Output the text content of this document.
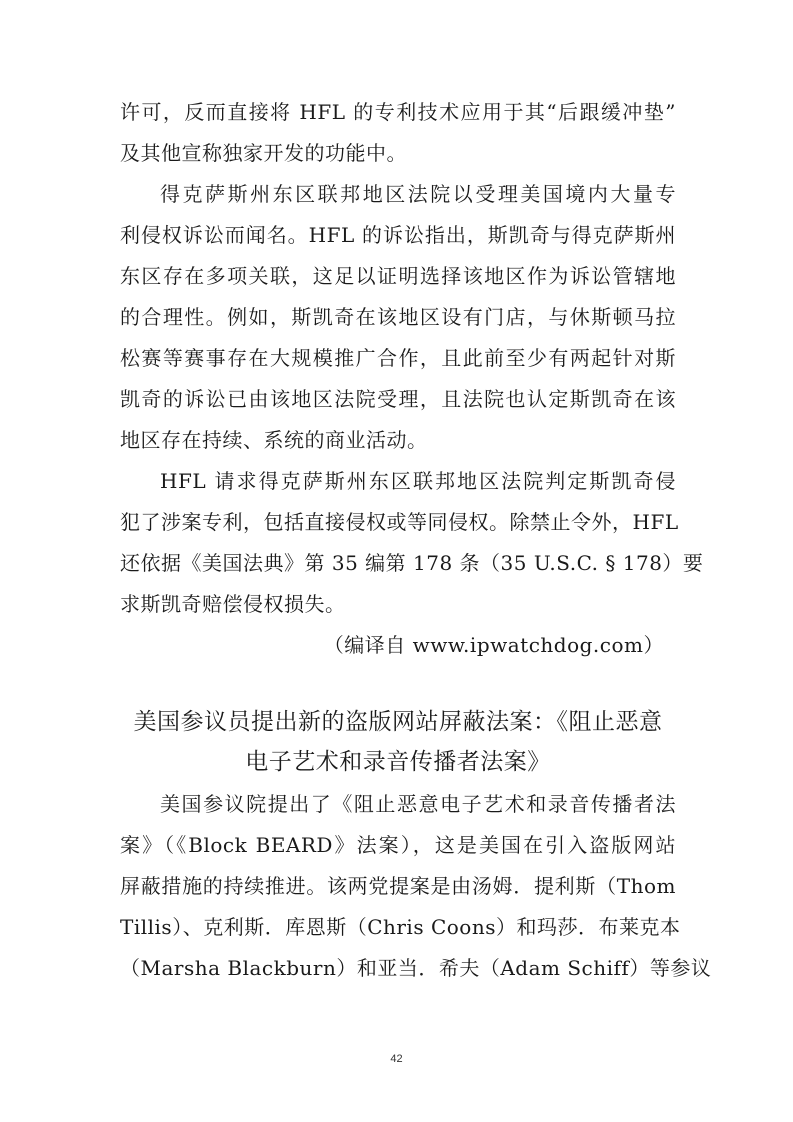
许可，反而直接将 HFL 的专利技术应用于其“后跟缓冲垫”

及其他宣称独家开发的功能中。

得克萨斯州东区联邦地区法院以受理美国境内大量专

利侵权诉讼而闻名。HFL 的诉讼指出，斯凯奇与得克萨斯州

东区存在多项关联，这足以证明选择该地区作为诉讼管辖地

的合理性。例如，斯凯奇在该地区设有门店，与休斯顿马拉

松赛等赛事存在大规模推广合作，且此前至少有两起针对斯

凯奇的诉讼已由该地区法院受理，且法院也认定斯凯奇在该

地区存在持续、系统的商业活动。

HFL 请求得克萨斯州东区联邦地区法院判定斯凯奇侵

犯了涉案专利，包括直接侵权或等同侵权。除禁止令外，HFL

还依据《美国法典》第 35 编第 178 条（35 U.S.C. § 178）要

求斯凯奇赔偿侵权损失。

（编译自 www.ipwatchdog.com）

美国参议员提出新的盗版网站屏蔽法案：《阻止恶意
电子艺术和录音传播者法案》

美国参议院提出了《阻止恶意电子艺术和录音传播者法

案》（《Block BEARD》法案），这是美国在引入盗版网站

屏蔽措施的持续推进。该两党提案是由汤姆．提利斯（Thom

Tillis）、克利斯．库恩斯（Chris Coons）和玛莎．布莱克本

（Marsha Blackburn）和亚当．希夫（Adam Schiff）等参议

42
